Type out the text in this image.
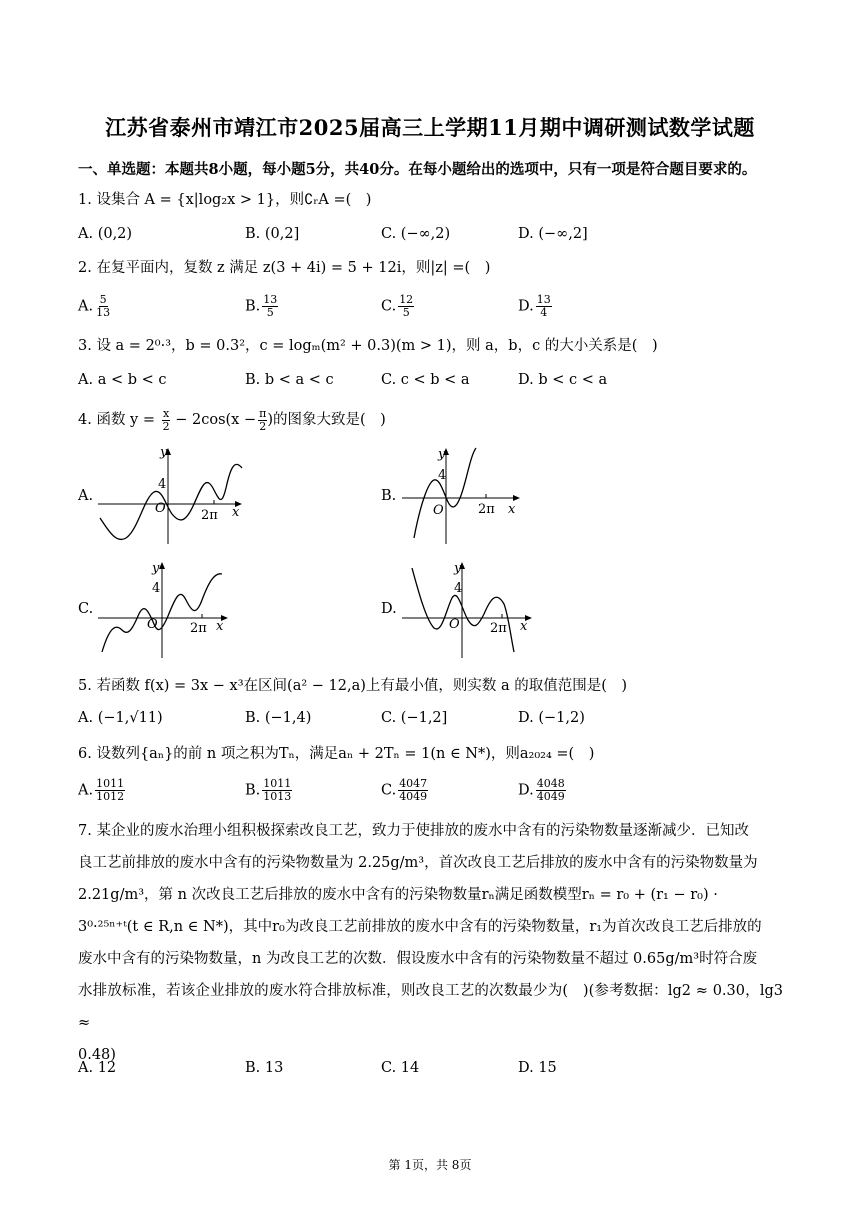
江苏省泰州市靖江市2025届高三上学期11月期中调研测试数学试题
一、单选题：本题共8小题，每小题5分，共40分。在每小题给出的选项中，只有一项是符合题目要求的。
1. 设集合 A = {x|log₂x > 1}，则∁ᵣA =(　)
A. (0,2)	B. (0,2]	C. (−∞,2)	D. (−∞,2]
2. 在复平面内，复数 z 满足 z(3 + 4i) = 5 + 12i，则|z| =(　)
A. $\frac{5}{13}$	B. $\frac{13}{5}$	C. $\frac{12}{5}$	D. $\frac{13}{4}$
3. 设 a = 2⁰·³，b = 0.3²，c = logₘ(m² + 0.3)(m > 1)，则 a，b，c 的大小关系是(　)
A. a < b < c	B. b < a < c	C. c < b < a	D. b < c < a
4. 函数 $y = \frac{x}{2} - 2\cos(x - \frac{\pi}{2}$ )的图象大致是(　)
A.	B.
C.	D.
y
4
O	2π x
y
4
O	2π x
y
4
O 2π x
y
4
O 2π x
5. 若函数 f(x) = 3x − x³在区间(a² − 12,a)上有最小值，则实数 a 的取值范围是(　)
A. (−1,√11)	B. (−1,4)	C. (−1,2]	D. (−1,2)
6. 设数列{aₙ}的前 n 项之积为Tₙ，满足aₙ + 2Tₙ = 1(n ∈ N*)，则a₂₀₂₄ =(　)
A. $\frac{1011}{1012}$	B. $\frac{1011}{1013}$	C. $\frac{4047}{4049}$	D. $\frac{4048}{4049}$
7. 某企业的废水治理小组积极探索改良工艺，致力于使排放的废水中含有的污染物数量逐渐减少．已知改
良工艺前排放的废水中含有的污染物数量为 2.25g/m³，首次改良工艺后排放的废水中含有的污染物数量为
2.21g/m³，第 n 次改良工艺后排放的废水中含有的污染物数量rₙ满足函数模型rₙ = r₀ + (r₁ − r₀) ·
3⁰·²⁵ⁿ⁺ᵗ(t ∈ R,n ∈ N*)，其中r₀为改良工艺前排放的废水中含有的污染物数量，r₁为首次改良工艺后排放的
废水中含有的污染物数量，n 为改良工艺的次数．假设废水中含有的污染物数量不超过 0.65g/m³时符合废
水排放标准，若该企业排放的废水符合排放标准，则改良工艺的次数最少为(　)(参考数据：lg2 ≈ 0.30，lg3 ≈
0.48)
A. 12	B. 13	C. 14	D. 15
第 1页，共 8页
